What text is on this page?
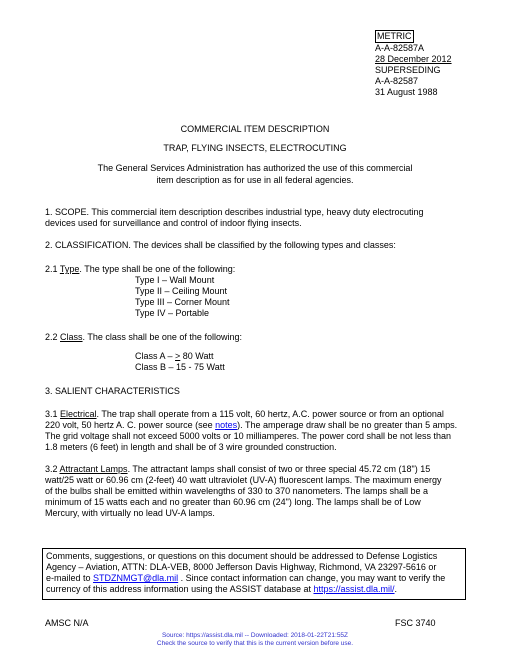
METRIC
A-A-82587A
28 December 2012
SUPERSEDING
A-A-82587
31 August 1988
COMMERCIAL ITEM DESCRIPTION
TRAP, FLYING INSECTS, ELECTROCUTING
The General Services Administration has authorized the use of this commercial
item description as for use in all federal agencies.
1. SCOPE. This commercial item description describes industrial type, heavy duty electrocuting
devices used for surveillance and control of indoor flying insects.
2. CLASSIFICATION. The devices shall be classified by the following types and classes:
2.1 Type. The type shall be one of the following:
Type I – Wall Mount
Type II – Ceiling Mount
Type III – Corner Mount
Type IV – Portable
2.2 Class. The class shall be one of the following:
Class A – ≥ 80 Watt
Class B – 15 - 75 Watt
3. SALIENT CHARACTERISTICS
3.1 Electrical. The trap shall operate from a 115 volt, 60 hertz, A.C. power source or from an optional
220 volt, 50 hertz A. C. power source (see notes). The amperage draw shall be no greater than 5 amps.
The grid voltage shall not exceed 5000 volts or 10 milliamperes. The power cord shall be not less than
1.8 meters (6 feet) in length and shall be of 3 wire grounded construction.
3.2 Attractant Lamps. The attractant lamps shall consist of two or three special 45.72 cm (18") 15
watt/25 watt or 60.96 cm (2-feet) 40 watt ultraviolet (UV-A) fluorescent lamps. The maximum energy
of the bulbs shall be emitted within wavelengths of 330 to 370 nanometers. The lamps shall be a
minimum of 15 watts each and no greater than 60.96 cm (24") long. The lamps shall be of Low
Mercury, with virtually no lead UV-A lamps.
Comments, suggestions, or questions on this document should be addressed to Defense Logistics
Agency – Aviation, ATTN: DLA-VEB, 8000 Jefferson Davis Highway, Richmond, VA 23297-5616 or
e-mailed to STDZNMGT@dla.mil . Since contact information can change, you may want to verify the
currency of this address information using the ASSIST database at https://assist.dla.mil/.
AMSC N/A	FSC 3740
Source: https://assist.dla.mil -- Downloaded: 2018-01-22T21:55Z
Check the source to verify that this is the current version before use.
